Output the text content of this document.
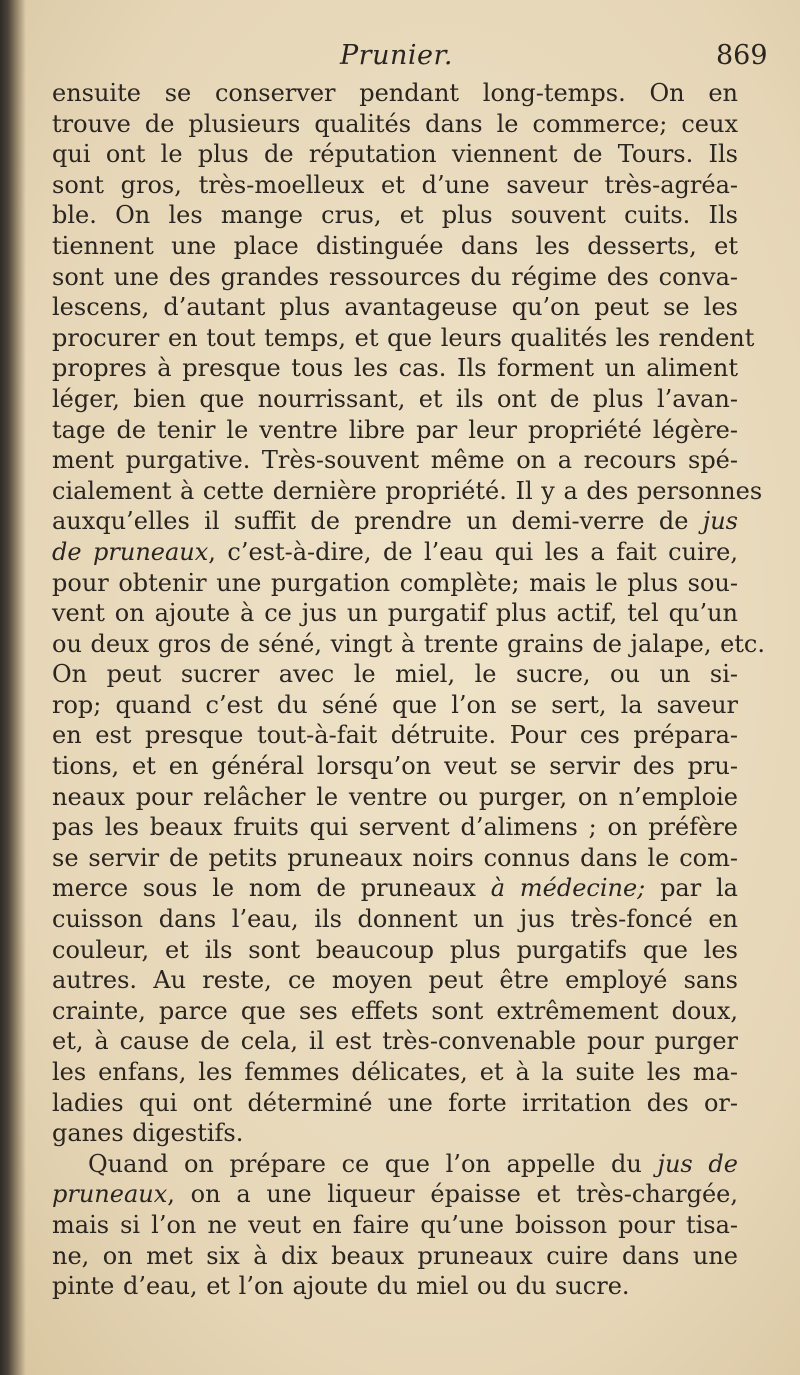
Prunier.	869
ensuite se conserver pendant long-temps. On en
trouve de plusieurs qualités dans le commerce; ceux
qui ont le plus de réputation viennent de Tours. Ils
sont gros, très-moelleux et d’une saveur très-agréa-
ble. On les mange crus, et plus souvent cuits. Ils
tiennent une place distinguée dans les desserts, et
sont une des grandes ressources du régime des conva-
lescens, d’autant plus avantageuse qu’on peut se les
procurer en tout temps, et que leurs qualités les rendent
propres à presque tous les cas. Ils forment un aliment
léger, bien que nourrissant, et ils ont de plus l’avan-
tage de tenir le ventre libre par leur propriété légère-
ment purgative. Très-souvent même on a recours spé-
cialement à cette dernière propriété. Il y a des personnes
auxqu’elles il suffit de prendre un demi-verre de jus
de pruneaux, c’est-à-dire, de l’eau qui les a fait cuire,
pour obtenir une purgation complète; mais le plus sou-
vent on ajoute à ce jus un purgatif plus actif, tel qu’un
ou deux gros de séné, vingt à trente grains de jalape, etc.
On peut sucrer avec le miel, le sucre, ou un si-
rop; quand c’est du séné que l’on se sert, la saveur
en est presque tout-à-fait détruite. Pour ces prépara-
tions, et en général lorsqu’on veut se servir des pru-
neaux pour relâcher le ventre ou purger, on n’emploie
pas les beaux fruits qui servent d’alimens ; on préfère
se servir de petits pruneaux noirs connus dans le com-
merce sous le nom de pruneaux à médecine; par la
cuisson dans l’eau, ils donnent un jus très-foncé en
couleur, et ils sont beaucoup plus purgatifs que les
autres. Au reste, ce moyen peut être employé sans
crainte, parce que ses effets sont extrêmement doux,
et, à cause de cela, il est très-convenable pour purger
les enfans, les femmes délicates, et à la suite les ma-
ladies qui ont déterminé une forte irritation des or-
ganes digestifs.
Quand on prépare ce que l’on appelle du jus de
pruneaux, on a une liqueur épaisse et très-chargée,
mais si l’on ne veut en faire qu’une boisson pour tisa-
ne, on met six à dix beaux pruneaux cuire dans une
pinte d’eau, et l’on ajoute du miel ou du sucre.
